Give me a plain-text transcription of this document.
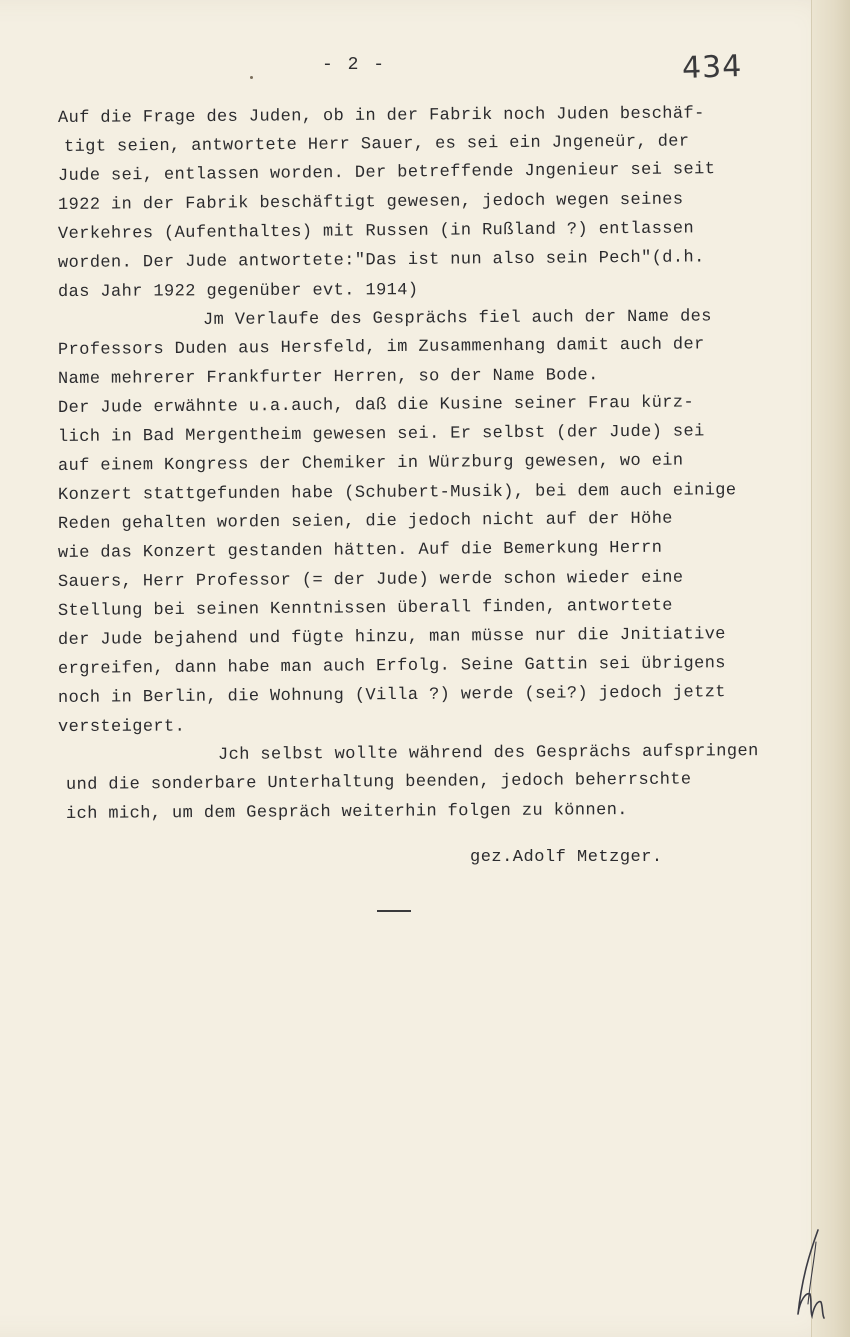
- 2 -	434
Auf die Frage des Juden, ob in der Fabrik noch Juden beschäf-
tigt seien, antwortete Herr Sauer, es sei ein Jngeneür, der
Jude sei, entlassen worden. Der betreffende Jngenieur sei seit
1922 in der Fabrik beschäftigt gewesen, jedoch wegen seines
Verkehres (Aufenthaltes) mit Russen (in Rußland ?) entlassen
worden. Der Jude antwortete:"Das ist nun also sein Pech"(d.h.
das Jahr 1922 gegenüber evt. 1914)
Jm Verlaufe des Gesprächs fiel auch der Name des
Professors Duden aus Hersfeld, im Zusammenhang damit auch der
Name mehrerer Frankfurter Herren, so der Name Bode.
Der Jude erwähnte u.a.auch, daß die Kusine seiner Frau kürz-
lich in Bad Mergentheim gewesen sei. Er selbst (der Jude) sei
auf einem Kongress der Chemiker in Würzburg gewesen, wo ein
Konzert stattgefunden habe (Schubert-Musik), bei dem auch einige
Reden gehalten worden seien, die jedoch nicht auf der Höhe
wie das Konzert gestanden hätten. Auf die Bemerkung Herrn
Sauers, Herr Professor (= der Jude) werde schon wieder eine
Stellung bei seinen Kenntnissen überall finden, antwortete
der Jude bejahend und fügte hinzu, man müsse nur die Jnitiative
ergreifen, dann habe man auch Erfolg. Seine Gattin sei übrigens
noch in Berlin, die Wohnung (Villa ?) werde (sei?) jedoch jetzt
versteigert.
Jch selbst wollte während des Gesprächs aufspringen
und die sonderbare Unterhaltung beenden, jedoch beherrschte
ich mich, um dem Gespräch weiterhin folgen zu können.
gez.Adolf Metzger.
